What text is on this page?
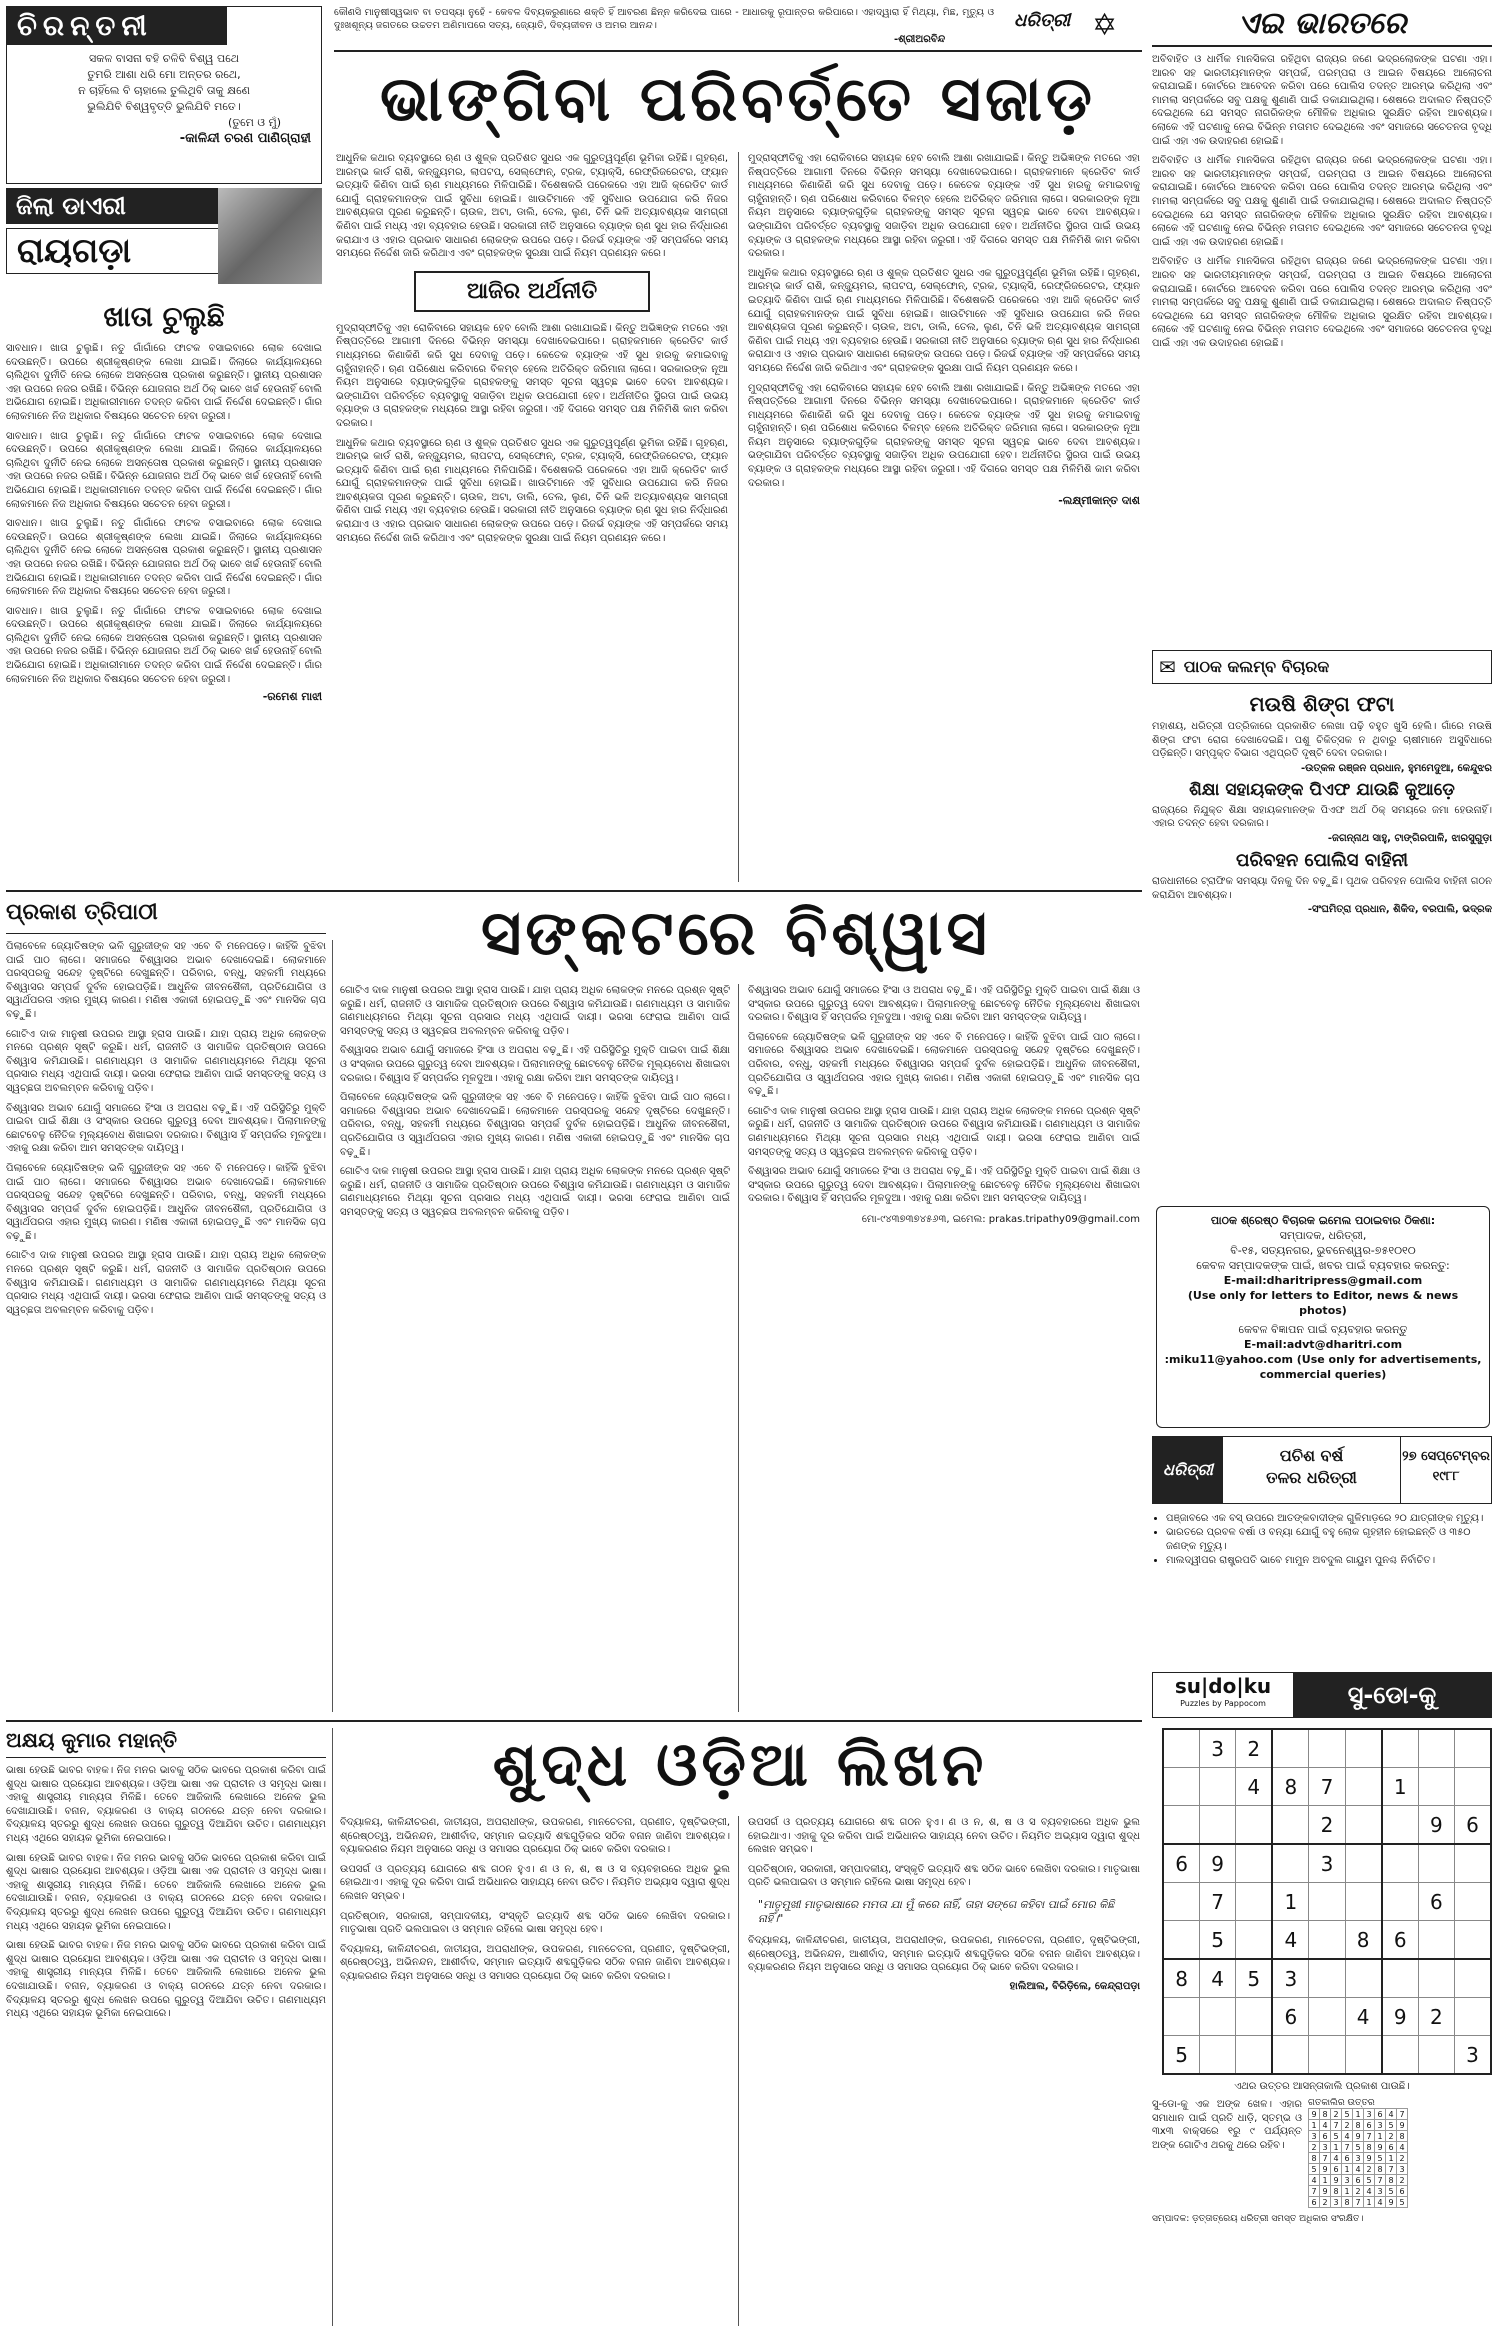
ଚିରନ୍ତନୀ
ସକଳ ବାସନା ବହି ଚଳିବି ବିଶ୍ୱ ପଥେ
ତୁମରି ଆଶା ଧରି ମୋ ଅନ୍ତର ରଥେ,
ନ ଚାହିଁଲେ ବି ଚାହାଲେ ତୁଲିଥିବି ତାକୁ କ୍ଷଣେ
ଭୁଲିଯିବି ବିଶ୍ୱବୃତ୍ତି ଭୁଲିଯିବି ମତେ।
(ତୁମେ ଓ ମୁଁ)
-କାଳିନ୍ଦୀ ଚରଣ ପାଣିଗ୍ରାହୀ
ଜିଲା ଡାଏରୀ
ରାୟଗଡ଼ା
ଖାତା ଚୁଲୁଛି

ସାବଧାନ। ଖାତା ଚୁଲୁଛି। ନତୁ ଗାଁଗାଁରେ ଫାଟକ ବସାଇବାରେ ଲୋକ ଦେଖାଇ ଦେଉଛନ୍ତି। ଉପରେ ଶ୍ରୀକୃଷ୍ଣଙ୍କ ଲେଖା ଯାଇଛି। ଜିଲାରେ କାର୍ଯ୍ୟାଳୟରେ ଚାଲିଥିବା ଦୁର୍ନୀତି ନେଇ ଲୋକେ ଅସନ୍ତୋଷ ପ୍ରକାଶ କରୁଛନ୍ତି। ସ୍ଥାନୀୟ ପ୍ରଶାସନ ଏହା ଉପରେ ନଜର ରଖିଛି। ବିଭିନ୍ନ ଯୋଜନାର ଅର୍ଥ ଠିକ୍ ଭାବେ ଖର୍ଚ୍ଚ ହେଉନାହିଁ ବୋଲି ଅଭିଯୋଗ ହୋଇଛି। ଅଧିକାରୀମାନେ ତଦନ୍ତ କରିବା ପାଇଁ ନିର୍ଦ୍ଦେଶ ଦେଇଛନ୍ତି। ଗାଁର ଲୋକମାନେ ନିଜ ଅଧିକାର ବିଷୟରେ ସଚେତନ ହେବା ଜରୁରୀ।

ସାବଧାନ। ଖାତା ଚୁଲୁଛି। ନତୁ ଗାଁଗାଁରେ ଫାଟକ ବସାଇବାରେ ଲୋକ ଦେଖାଇ ଦେଉଛନ୍ତି। ଉପରେ ଶ୍ରୀକୃଷ୍ଣଙ୍କ ଲେଖା ଯାଇଛି। ଜିଲାରେ କାର୍ଯ୍ୟାଳୟରେ ଚାଲିଥିବା ଦୁର୍ନୀତି ନେଇ ଲୋକେ ଅସନ୍ତୋଷ ପ୍ରକାଶ କରୁଛନ୍ତି। ସ୍ଥାନୀୟ ପ୍ରଶାସନ ଏହା ଉପରେ ନଜର ରଖିଛି। ବିଭିନ୍ନ ଯୋଜନାର ଅର୍ଥ ଠିକ୍ ଭାବେ ଖର୍ଚ୍ଚ ହେଉନାହିଁ ବୋଲି ଅଭିଯୋଗ ହୋଇଛି। ଅଧିକାରୀମାନେ ତଦନ୍ତ କରିବା ପାଇଁ ନିର୍ଦ୍ଦେଶ ଦେଇଛନ୍ତି। ଗାଁର ଲୋକମାନେ ନିଜ ଅଧିକାର ବିଷୟରେ ସଚେତନ ହେବା ଜରୁରୀ।

ସାବଧାନ। ଖାତା ଚୁଲୁଛି। ନତୁ ଗାଁଗାଁରେ ଫାଟକ ବସାଇବାରେ ଲୋକ ଦେଖାଇ ଦେଉଛନ୍ତି। ଉପରେ ଶ୍ରୀକୃଷ୍ଣଙ୍କ ଲେଖା ଯାଇଛି। ଜିଲାରେ କାର୍ଯ୍ୟାଳୟରେ ଚାଲିଥିବା ଦୁର୍ନୀତି ନେଇ ଲୋକେ ଅସନ୍ତୋଷ ପ୍ରକାଶ କରୁଛନ୍ତି। ସ୍ଥାନୀୟ ପ୍ରଶାସନ ଏହା ଉପରେ ନଜର ରଖିଛି। ବିଭିନ୍ନ ଯୋଜନାର ଅର୍ଥ ଠିକ୍ ଭାବେ ଖର୍ଚ୍ଚ ହେଉନାହିଁ ବୋଲି ଅଭିଯୋଗ ହୋଇଛି। ଅଧିକାରୀମାନେ ତଦନ୍ତ କରିବା ପାଇଁ ନିର୍ଦ୍ଦେଶ ଦେଇଛନ୍ତି। ଗାଁର ଲୋକମାନେ ନିଜ ଅଧିକାର ବିଷୟରେ ସଚେତନ ହେବା ଜରୁରୀ।

ସାବଧାନ। ଖାତା ଚୁଲୁଛି। ନତୁ ଗାଁଗାଁରେ ଫାଟକ ବସାଇବାରେ ଲୋକ ଦେଖାଇ ଦେଉଛନ୍ତି। ଉପରେ ଶ୍ରୀକୃଷ୍ଣଙ୍କ ଲେଖା ଯାଇଛି। ଜିଲାରେ କାର୍ଯ୍ୟାଳୟରେ ଚାଲିଥିବା ଦୁର୍ନୀତି ନେଇ ଲୋକେ ଅସନ୍ତୋଷ ପ୍ରକାଶ କରୁଛନ୍ତି। ସ୍ଥାନୀୟ ପ୍ରଶାସନ ଏହା ଉପରେ ନଜର ରଖିଛି। ବିଭିନ୍ନ ଯୋଜନାର ଅର୍ଥ ଠିକ୍ ଭାବେ ଖର୍ଚ୍ଚ ହେଉନାହିଁ ବୋଲି ଅଭିଯୋଗ ହୋଇଛି। ଅଧିକାରୀମାନେ ତଦନ୍ତ କରିବା ପାଇଁ ନିର୍ଦ୍ଦେଶ ଦେଇଛନ୍ତି। ଗାଁର ଲୋକମାନେ ନିଜ ଅଧିକାର ବିଷୟରେ ସଚେତନ ହେବା ଜରୁରୀ।

-ରମେଶ ମାଝୀ

କୌଣସି ମାନୁଷୀସ୍ୱଭାବ ବା ତପସ୍ୟା ନୁହେଁ - କେବଳ ଦିବ୍ୟକରୁଣାରେ ଶକ୍ତି ହିଁ ଆବରଣ ଛିନ୍ନ କରିଦେଇ ପାରେ - ଆଧାରକୁ ରୂପାନ୍ତର କରିପାରେ। ଏହାଦ୍ୱାରା ହିଁ ମିଥ୍ୟା, ମିଛ, ମୃତ୍ୟୁ ଓ ଦୁଃଖଶୂନ୍ୟ ଜଗତରେ ଉଚ୍ଚତମ ଅଣିମାପରେ ସତ୍ୟ, ଜ୍ୟୋତି, ଦିବ୍ୟଜୀବନ ଓ ଅମର ଆନନ୍ଦ।

-ଶ୍ରୀଅରବିନ୍ଦ
ଧରିତ୍ରୀ ✡
ଭାଙ୍ଗିବା ପରିବର୍ତ୍ତେ ସଜାଡ଼

ଆଧୁନିକ କଥାର ବ୍ୟବସ୍ଥାରେ ଋଣ ଓ ଶୁଳ୍କ ପ୍ରତିଶତ ସୁଧର ଏକ ଗୁରୁତ୍ୱପୂର୍ଣ୍ଣ ଭୂମିକା ରହିଛି। ଗୃହଋଣ, ଆରମ୍ଭ କାର୍ଡ ରାଶି, କନ୍ଜ୍ୟୁମର, ଲାପଟପ୍, ସେଲ୍ଫୋନ୍, ଟ୍ରକ, ଟ୍ୟାକ୍ସି, ରେଫ୍ରିଜରେଟର, ଫ୍ୟାନ ଇତ୍ୟାଦି କିଣିବା ପାଇଁ ଋଣ ମାଧ୍ୟମରେ ମିଳିପାରିଛି। ବିଶେଷକରି ପରେକରେ ଏହା ଆଜି କ୍ରେଡିଟ କାର୍ଡ ଯୋଗୁଁ ଗ୍ରାହକମାନଙ୍କ ପାଇଁ ସୁବିଧା ହୋଇଛି। ଖାଉଟିମାନେ ଏହି ସୁବିଧାର ଉପଯୋଗ କରି ନିଜର ଆବଶ୍ୟକତା ପୂରଣ କରୁଛନ୍ତି। ଚାଉଳ, ଅଟା, ଡାଲି, ତେଲ, ଲୁଣ, ଚିନି ଭଳି ଅତ୍ୟାବଶ୍ୟକ ସାମଗ୍ରୀ କିଣିବା ପାଇଁ ମଧ୍ୟ ଏହା ବ୍ୟବହାର ହେଉଛି। ସରକାରୀ ନୀତି ଅନୁସାରେ ବ୍ୟାଙ୍କ ଋଣ ସୁଧ ହାର ନିର୍ଦ୍ଧାରଣ କରାଯାଏ ଓ ଏହାର ପ୍ରଭାବ ସାଧାରଣ ଲୋକଙ୍କ ଉପରେ ପଡ଼େ। ରିଜର୍ଭ ବ୍ୟାଙ୍କ ଏହି ସମ୍ପର୍କରେ ସମୟ ସମୟରେ ନିର୍ଦ୍ଦେଶ ଜାରି କରିଥାଏ ଏବଂ ଗ୍ରାହକଙ୍କ ସୁରକ୍ଷା ପାଇଁ ନିୟମ ପ୍ରଣୟନ କରେ।

ଆଜିର ଅର୍ଥନୀତି

ମୁଦ୍ରାସ୍ଫୀତିକୁ ଏହା ରୋକିବାରେ ସହାୟକ ହେବ ବୋଲି ଆଶା ରଖାଯାଇଛି। କିନ୍ତୁ ଅଭିଜ୍ଞଙ୍କ ମତରେ ଏହା ନିଷ୍ପତ୍ତିରେ ଆଗାମୀ ଦିନରେ ବିଭିନ୍ନ ସମସ୍ୟା ଦେଖାଦେଇପାରେ। ଗ୍ରାହକମାନେ କ୍ରେଡିଟ କାର୍ଡ ମାଧ୍ୟମରେ କିଣାକିଣି କରି ସୁଧ ଦେବାକୁ ପଡ଼େ। କେତେକ ବ୍ୟାଙ୍କ ଏହି ସୁଧ ହାରକୁ କମାଇବାକୁ ଚାହୁଁନାହାନ୍ତି। ଋଣ ପରିଶୋଧ କରିବାରେ ବିଳମ୍ବ ହେଲେ ଅତିରିକ୍ତ ଜରିମାନା ଲାଗେ। ସରକାରଙ୍କ ନୂଆ ନିୟମ ଅନୁସାରେ ବ୍ୟାଙ୍କଗୁଡ଼ିକ ଗ୍ରାହକଙ୍କୁ ସମସ୍ତ ସୂଚନା ସ୍ୱଚ୍ଛ ଭାବେ ଦେବା ଆବଶ୍ୟକ। ଭଙ୍ଗାଯିବା ପରିବର୍ତ୍ତେ ବ୍ୟବସ୍ଥାକୁ ସଜାଡ଼ିବା ଅଧିକ ଉପଯୋଗୀ ହେବ। ଅର୍ଥନୀତିର ସ୍ଥିରତା ପାଇଁ ଉଭୟ ବ୍ୟାଙ୍କ ଓ ଗ୍ରାହକଙ୍କ ମଧ୍ୟରେ ଆସ୍ଥା ରହିବା ଜରୁରୀ। ଏହି ଦିଗରେ ସମସ୍ତ ପକ୍ଷ ମିଳିମିଶି କାମ କରିବା ଦରକାର।

ଆଧୁନିକ କଥାର ବ୍ୟବସ୍ଥାରେ ଋଣ ଓ ଶୁଳ୍କ ପ୍ରତିଶତ ସୁଧର ଏକ ଗୁରୁତ୍ୱପୂର୍ଣ୍ଣ ଭୂମିକା ରହିଛି। ଗୃହଋଣ, ଆରମ୍ଭ କାର୍ଡ ରାଶି, କନ୍ଜ୍ୟୁମର, ଲାପଟପ୍, ସେଲ୍ଫୋନ୍, ଟ୍ରକ, ଟ୍ୟାକ୍ସି, ରେଫ୍ରିଜରେଟର, ଫ୍ୟାନ ଇତ୍ୟାଦି କିଣିବା ପାଇଁ ଋଣ ମାଧ୍ୟମରେ ମିଳିପାରିଛି। ବିଶେଷକରି ପରେକରେ ଏହା ଆଜି କ୍ରେଡିଟ କାର୍ଡ ଯୋଗୁଁ ଗ୍ରାହକମାନଙ୍କ ପାଇଁ ସୁବିଧା ହୋଇଛି। ଖାଉଟିମାନେ ଏହି ସୁବିଧାର ଉପଯୋଗ କରି ନିଜର ଆବଶ୍ୟକତା ପୂରଣ କରୁଛନ୍ତି। ଚାଉଳ, ଅଟା, ଡାଲି, ତେଲ, ଲୁଣ, ଚିନି ଭଳି ଅତ୍ୟାବଶ୍ୟକ ସାମଗ୍ରୀ କିଣିବା ପାଇଁ ମଧ୍ୟ ଏହା ବ୍ୟବହାର ହେଉଛି। ସରକାରୀ ନୀତି ଅନୁସାରେ ବ୍ୟାଙ୍କ ଋଣ ସୁଧ ହାର ନିର୍ଦ୍ଧାରଣ କରାଯାଏ ଓ ଏହାର ପ୍ରଭାବ ସାଧାରଣ ଲୋକଙ୍କ ଉପରେ ପଡ଼େ। ରିଜର୍ଭ ବ୍ୟାଙ୍କ ଏହି ସମ୍ପର୍କରେ ସମୟ ସମୟରେ ନିର୍ଦ୍ଦେଶ ଜାରି କରିଥାଏ ଏବଂ ଗ୍ରାହକଙ୍କ ସୁରକ୍ଷା ପାଇଁ ନିୟମ ପ୍ରଣୟନ କରେ।

ମୁଦ୍ରାସ୍ଫୀତିକୁ ଏହା ରୋକିବାରେ ସହାୟକ ହେବ ବୋଲି ଆଶା ରଖାଯାଇଛି। କିନ୍ତୁ ଅଭିଜ୍ଞଙ୍କ ମତରେ ଏହା ନିଷ୍ପତ୍ତିରେ ଆଗାମୀ ଦିନରେ ବିଭିନ୍ନ ସମସ୍ୟା ଦେଖାଦେଇପାରେ। ଗ୍ରାହକମାନେ କ୍ରେଡିଟ କାର୍ଡ ମାଧ୍ୟମରେ କିଣାକିଣି କରି ସୁଧ ଦେବାକୁ ପଡ଼େ। କେତେକ ବ୍ୟାଙ୍କ ଏହି ସୁଧ ହାରକୁ କମାଇବାକୁ ଚାହୁଁନାହାନ୍ତି। ଋଣ ପରିଶୋଧ କରିବାରେ ବିଳମ୍ବ ହେଲେ ଅତିରିକ୍ତ ଜରିମାନା ଲାଗେ। ସରକାରଙ୍କ ନୂଆ ନିୟମ ଅନୁସାରେ ବ୍ୟାଙ୍କଗୁଡ଼ିକ ଗ୍ରାହକଙ୍କୁ ସମସ୍ତ ସୂଚନା ସ୍ୱଚ୍ଛ ଭାବେ ଦେବା ଆବଶ୍ୟକ। ଭଙ୍ଗାଯିବା ପରିବର୍ତ୍ତେ ବ୍ୟବସ୍ଥାକୁ ସଜାଡ଼ିବା ଅଧିକ ଉପଯୋଗୀ ହେବ। ଅର୍ଥନୀତିର ସ୍ଥିରତା ପାଇଁ ଉଭୟ ବ୍ୟାଙ୍କ ଓ ଗ୍ରାହକଙ୍କ ମଧ୍ୟରେ ଆସ୍ଥା ରହିବା ଜରୁରୀ। ଏହି ଦିଗରେ ସମସ୍ତ ପକ୍ଷ ମିଳିମିଶି କାମ କରିବା ଦରକାର।

ଆଧୁନିକ କଥାର ବ୍ୟବସ୍ଥାରେ ଋଣ ଓ ଶୁଳ୍କ ପ୍ରତିଶତ ସୁଧର ଏକ ଗୁରୁତ୍ୱପୂର୍ଣ୍ଣ ଭୂମିକା ରହିଛି। ଗୃହଋଣ, ଆରମ୍ଭ କାର୍ଡ ରାଶି, କନ୍ଜ୍ୟୁମର, ଲାପଟପ୍, ସେଲ୍ଫୋନ୍, ଟ୍ରକ, ଟ୍ୟାକ୍ସି, ରେଫ୍ରିଜରେଟର, ଫ୍ୟାନ ଇତ୍ୟାଦି କିଣିବା ପାଇଁ ଋଣ ମାଧ୍ୟମରେ ମିଳିପାରିଛି। ବିଶେଷକରି ପରେକରେ ଏହା ଆଜି କ୍ରେଡିଟ କାର୍ଡ ଯୋଗୁଁ ଗ୍ରାହକମାନଙ୍କ ପାଇଁ ସୁବିଧା ହୋଇଛି। ଖାଉଟିମାନେ ଏହି ସୁବିଧାର ଉପଯୋଗ କରି ନିଜର ଆବଶ୍ୟକତା ପୂରଣ କରୁଛନ୍ତି। ଚାଉଳ, ଅଟା, ଡାଲି, ତେଲ, ଲୁଣ, ଚିନି ଭଳି ଅତ୍ୟାବଶ୍ୟକ ସାମଗ୍ରୀ କିଣିବା ପାଇଁ ମଧ୍ୟ ଏହା ବ୍ୟବହାର ହେଉଛି। ସରକାରୀ ନୀତି ଅନୁସାରେ ବ୍ୟାଙ୍କ ଋଣ ସୁଧ ହାର ନିର୍ଦ୍ଧାରଣ କରାଯାଏ ଓ ଏହାର ପ୍ରଭାବ ସାଧାରଣ ଲୋକଙ୍କ ଉପରେ ପଡ଼େ। ରିଜର୍ଭ ବ୍ୟାଙ୍କ ଏହି ସମ୍ପର୍କରେ ସମୟ ସମୟରେ ନିର୍ଦ୍ଦେଶ ଜାରି କରିଥାଏ ଏବଂ ଗ୍ରାହକଙ୍କ ସୁରକ୍ଷା ପାଇଁ ନିୟମ ପ୍ରଣୟନ କରେ।

ମୁଦ୍ରାସ୍ଫୀତିକୁ ଏହା ରୋକିବାରେ ସହାୟକ ହେବ ବୋଲି ଆଶା ରଖାଯାଇଛି। କିନ୍ତୁ ଅଭିଜ୍ଞଙ୍କ ମତରେ ଏହା ନିଷ୍ପତ୍ତିରେ ଆଗାମୀ ଦିନରେ ବିଭିନ୍ନ ସମସ୍ୟା ଦେଖାଦେଇପାରେ। ଗ୍ରାହକମାନେ କ୍ରେଡିଟ କାର୍ଡ ମାଧ୍ୟମରେ କିଣାକିଣି କରି ସୁଧ ଦେବାକୁ ପଡ଼େ। କେତେକ ବ୍ୟାଙ୍କ ଏହି ସୁଧ ହାରକୁ କମାଇବାକୁ ଚାହୁଁନାହାନ୍ତି। ଋଣ ପରିଶୋଧ କରିବାରେ ବିଳମ୍ବ ହେଲେ ଅତିରିକ୍ତ ଜରିମାନା ଲାଗେ। ସରକାରଙ୍କ ନୂଆ ନିୟମ ଅନୁସାରେ ବ୍ୟାଙ୍କଗୁଡ଼ିକ ଗ୍ରାହକଙ୍କୁ ସମସ୍ତ ସୂଚନା ସ୍ୱଚ୍ଛ ଭାବେ ଦେବା ଆବଶ୍ୟକ। ଭଙ୍ଗାଯିବା ପରିବର୍ତ୍ତେ ବ୍ୟବସ୍ଥାକୁ ସଜାଡ଼ିବା ଅଧିକ ଉପଯୋଗୀ ହେବ। ଅର୍ଥନୀତିର ସ୍ଥିରତା ପାଇଁ ଉଭୟ ବ୍ୟାଙ୍କ ଓ ଗ୍ରାହକଙ୍କ ମଧ୍ୟରେ ଆସ୍ଥା ରହିବା ଜରୁରୀ। ଏହି ଦିଗରେ ସମସ୍ତ ପକ୍ଷ ମିଳିମିଶି କାମ କରିବା ଦରକାର।

-ଲକ୍ଷ୍ମୀକାନ୍ତ ଦାଶ
ଏଇ ଭାରତରେ

ଅବିବାହିତ ଓ ଧାର୍ମିକ ମାନସିକତା ରହିଥିବା ରାଜ୍ୟର ଜଣେ ଭଦ୍ରଲୋକଙ୍କ ଘଟଣା ଏହା। ଆରବ ସହ ଭାରତୀୟମାନଙ୍କ ସମ୍ପର୍କ, ପରମ୍ପରା ଓ ଆଇନ ବିଷୟରେ ଆଲୋଚନା କରାଯାଇଛି। କୋର୍ଟରେ ଆବେଦନ କରିବା ପରେ ପୋଲିସ ତଦନ୍ତ ଆରମ୍ଭ କରିଥିଲା ଏବଂ ମାମଲା ସମ୍ପର୍କରେ ସବୁ ପକ୍ଷକୁ ଶୁଣାଣି ପାଇଁ ଡକାଯାଇଥିଲା। ଶେଷରେ ଅଦାଲତ ନିଷ୍ପତ୍ତି ଦେଇଥିଲେ ଯେ ସମସ୍ତ ନାଗରିକଙ୍କ ମୌଳିକ ଅଧିକାର ସୁରକ୍ଷିତ ରହିବା ଆବଶ୍ୟକ। ଲୋକେ ଏହି ଘଟଣାକୁ ନେଇ ବିଭିନ୍ନ ମତାମତ ଦେଇଥିଲେ ଏବଂ ସମାଜରେ ସଚେତନତା ବୃଦ୍ଧି ପାଇଁ ଏହା ଏକ ଉଦାହରଣ ହୋଇଛି।

ଅବିବାହିତ ଓ ଧାର୍ମିକ ମାନସିକତା ରହିଥିବା ରାଜ୍ୟର ଜଣେ ଭଦ୍ରଲୋକଙ୍କ ଘଟଣା ଏହା। ଆରବ ସହ ଭାରତୀୟମାନଙ୍କ ସମ୍ପର୍କ, ପରମ୍ପରା ଓ ଆଇନ ବିଷୟରେ ଆଲୋଚନା କରାଯାଇଛି। କୋର୍ଟରେ ଆବେଦନ କରିବା ପରେ ପୋଲିସ ତଦନ୍ତ ଆରମ୍ଭ କରିଥିଲା ଏବଂ ମାମଲା ସମ୍ପର୍କରେ ସବୁ ପକ୍ଷକୁ ଶୁଣାଣି ପାଇଁ ଡକାଯାଇଥିଲା। ଶେଷରେ ଅଦାଲତ ନିଷ୍ପତ୍ତି ଦେଇଥିଲେ ଯେ ସମସ୍ତ ନାଗରିକଙ୍କ ମୌଳିକ ଅଧିକାର ସୁରକ୍ଷିତ ରହିବା ଆବଶ୍ୟକ। ଲୋକେ ଏହି ଘଟଣାକୁ ନେଇ ବିଭିନ୍ନ ମତାମତ ଦେଇଥିଲେ ଏବଂ ସମାଜରେ ସଚେତନତା ବୃଦ୍ଧି ପାଇଁ ଏହା ଏକ ଉଦାହରଣ ହୋଇଛି।

ଅବିବାହିତ ଓ ଧାର୍ମିକ ମାନସିକତା ରହିଥିବା ରାଜ୍ୟର ଜଣେ ଭଦ୍ରଲୋକଙ୍କ ଘଟଣା ଏହା। ଆରବ ସହ ଭାରତୀୟମାନଙ୍କ ସମ୍ପର୍କ, ପରମ୍ପରା ଓ ଆଇନ ବିଷୟରେ ଆଲୋଚନା କରାଯାଇଛି। କୋର୍ଟରେ ଆବେଦନ କରିବା ପରେ ପୋଲିସ ତଦନ୍ତ ଆରମ୍ଭ କରିଥିଲା ଏବଂ ମାମଲା ସମ୍ପର୍କରେ ସବୁ ପକ୍ଷକୁ ଶୁଣାଣି ପାଇଁ ଡକାଯାଇଥିଲା। ଶେଷରେ ଅଦାଲତ ନିଷ୍ପତ୍ତି ଦେଇଥିଲେ ଯେ ସମସ୍ତ ନାଗରିକଙ୍କ ମୌଳିକ ଅଧିକାର ସୁରକ୍ଷିତ ରହିବା ଆବଶ୍ୟକ। ଲୋକେ ଏହି ଘଟଣାକୁ ନେଇ ବିଭିନ୍ନ ମତାମତ ଦେଇଥିଲେ ଏବଂ ସମାଜରେ ସଚେତନତା ବୃଦ୍ଧି ପାଇଁ ଏହା ଏକ ଉଦାହରଣ ହୋଇଛି।

✉ ପାଠକ କଲମ୍ବ ବିଚାରକ
ମଉଷି ଶିଙ୍ଗ ଫଟା

ମହାଶୟ, ଧରିତ୍ରୀ ପତ୍ରିକାରେ ପ୍ରକାଶିତ ଲେଖା ପଢ଼ି ବହୁତ ଖୁସି ହେଲି। ଗାଁରେ ମଉଷି ଶିଙ୍ଗ ଫଟା ରୋଗ ଦେଖାଦେଇଛି। ପଶୁ ଚିକିତ୍ସକ ନ ଥିବାରୁ ଚାଷୀମାନେ ଅସୁବିଧାରେ ପଡ଼ିଛନ୍ତି। ସମ୍ପୃକ୍ତ ବିଭାଗ ଏଥିପ୍ରତି ଦୃଷ୍ଟି ଦେବା ଦରକାର।

-ଉତ୍କଳ ରଞ୍ଜନ ପ୍ରଧାନ, ହୁମମେଦୁଆ, କେନ୍ଦୁଝର
ଶିକ୍ଷା ସହାୟକଙ୍କ ପିଏଫ ଯାଉଛି କୁଆଡ଼େ

ରାଜ୍ୟରେ ନିଯୁକ୍ତ ଶିକ୍ଷା ସହାୟକମାନଙ୍କ ପିଏଫ ଅର୍ଥ ଠିକ୍ ସମୟରେ ଜମା ହେଉନାହିଁ। ଏହାର ତଦନ୍ତ ହେବା ଦରକାର।

-ଜଗନ୍ନାଥ ସାହୁ, ଟାଙ୍ଗିରପାଳି, ଝାରସୁଗୁଡ଼ା
ପରିବହନ ପୋଲିସ ବାହିନୀ

ରାଜଧାନୀରେ ଟ୍ରାଫିକ ସମସ୍ୟା ଦିନକୁ ଦିନ ବଢ଼ୁଛି। ପୃଥକ ପରିବହନ ପୋଲିସ ବାହିନୀ ଗଠନ କରାଯିବା ଆବଶ୍ୟକ।

-ସଂଘମିତ୍ରା ପ୍ରଧାନ, ଶିକିଦ, ବରପାଲି, ଭଦ୍ରକ
ପାଠକ ଶ୍ରେଷ୍ଠ ବିଚାରକ ଇମେଲ ପଠାଇବାର ଠିକଣା:
ସମ୍ପାଦକ, ଧରିତ୍ରୀ,
ବି-୧୫, ସତ୍ୟନଗର, ଭୁବନେଶ୍ୱର-୭୫୧୦୧୦
କେବଳ ସମ୍ପାଦକଙ୍କ ପାଇଁ, ଖବର ପାଇଁ ବ୍ୟବହାର କରନ୍ତୁ:
E-mail:dharitripress@gmail.com
(Use only for letters to Editor, news & news photos)
କେବଳ ବିଜ୍ଞାପନ ପାଇଁ ବ୍ୟବହାର କରନ୍ତୁ
E-mail:advt@dharitri.com
:miku11@yahoo.com (Use only for advertisements, commercial queries)
ଧରିତ୍ରୀ
ପଚିଶ ବର୍ଷ
ତଳର ଧରିତ୍ରୀ
୨୭ ସେପ୍ଟେମ୍ବର
୧୯୮୮
• ପଞ୍ଜାବରେ ଏକ ବସ୍ ଉପରେ ଆତଙ୍କବାଦୀଙ୍କ ଗୁଳିମାଡ଼ରେ ୨୦ ଯାତ୍ରୀଙ୍କ ମୃତ୍ୟୁ।
• ଭାରତରେ ପ୍ରବଳ ବର୍ଷା ଓ ବନ୍ୟା ଯୋଗୁଁ ବହୁ ଲୋକ ଗୃହହୀନ ହୋଇଛନ୍ତି ଓ ୩୫୦ ଜଣଙ୍କ ମୃତ୍ୟୁ।
• ମାଲଦ୍ୱୀପର ରାଷ୍ଟ୍ରପତି ଭାବେ ମାମୁନ ଅବଦୁଲ ଗାୟୁମ ପୁନଶ୍ଚ ନିର୍ବାଚିତ।
su|do|ku
Puzzles by Pappocom	ସୁ-ଡୋ-କୁ
	3	2						
		4	8	7		1		
				2			9	6
6	9			3				
	7		1				6	
	5		4		8	6		
8	4	5	3					
			6		4	9	2	
5								3
ଏଥର ଉତ୍ତର ଆସନ୍ତାକାଲି ପ୍ରକାଶ ପାଉଛି।

ସୁ-ଡୋ-କୁ ଏକ ଅଙ୍କ ଖେଳ। ଏହାର ସମାଧାନ ପାଇଁ ପ୍ରତି ଧାଡ଼ି, ସ୍ତମ୍ଭ ଓ ୩x୩ ବାକ୍ସରେ ୧ରୁ ୯ ପର୍ଯ୍ୟନ୍ତ ଅଙ୍କ ଗୋଟିଏ ଥରକୁ ଥରେ ରହିବ।

ଗତକାଲିର ଉତ୍ତର
9	8	2	5	1	3	6	4	7
1	4	7	2	8	6	3	5	9
3	6	5	4	9	7	1	2	8
2	3	1	7	5	8	9	6	4
8	7	4	6	3	9	5	1	2
5	9	6	1	4	2	8	7	3
4	1	9	3	6	5	7	8	2
7	9	8	1	2	4	3	5	6
6	2	3	8	7	1	4	9	5
ସମ୍ପାଦକ: ଡ଼ତ୍ତାତ୍ରେୟ ଧରିତ୍ରୀ ସମସ୍ତ ଅଧିକାର ସଂରକ୍ଷିତ।
ପ୍ରକାଶ ତ୍ରିପାଠୀ	ସଙ୍କଟରେ ବିଶ୍ୱାସ

ପିଲାବେଳେ ଜ୍ୟୋତିଷଙ୍କ ଭଳି ଗୁରୁଜୀଙ୍କ ସହ ଏବେ ବି ମନେପଡ଼େ। କାହିଁକି ବୁଝିବା ପାଇଁ ପାଠ ଲାଗେ। ସମାଜରେ ବିଶ୍ୱାସର ଅଭାବ ଦେଖାଦେଇଛି। ଲୋକମାନେ ପରସ୍ପରକୁ ସନ୍ଦେହ ଦୃଷ୍ଟିରେ ଦେଖୁଛନ୍ତି। ପରିବାର, ବନ୍ଧୁ, ସହକର୍ମୀ ମଧ୍ୟରେ ବିଶ୍ୱାସର ସମ୍ପର୍କ ଦୁର୍ବଳ ହୋଇପଡ଼ିଛି। ଆଧୁନିକ ଜୀବନଶୈଳୀ, ପ୍ରତିଯୋଗିତା ଓ ସ୍ୱାର୍ଥପରତା ଏହାର ମୁଖ୍ୟ କାରଣ। ମଣିଷ ଏକାକୀ ହୋଇପଡ଼ୁଛି ଏବଂ ମାନସିକ ଚାପ ବଢ଼ୁଛି।

ଗୋଟିଏ ଦାକ ମାନୁଷୀ ଉପରର ଆସ୍ଥା ହ୍ରାସ ପାଉଛି। ଯାହା ପ୍ରାୟ ଅଧିକ ଲୋକଙ୍କ ମନରେ ପ୍ରଶ୍ନ ସୃଷ୍ଟି କରୁଛି। ଧର୍ମ, ରାଜନୀତି ଓ ସାମାଜିକ ପ୍ରତିଷ୍ଠାନ ଉପରେ ବିଶ୍ୱାସ କମିଯାଉଛି। ଗଣମାଧ୍ୟମ ଓ ସାମାଜିକ ଗଣମାଧ୍ୟମରେ ମିଥ୍ୟା ସୂଚନା ପ୍ରସାର ମଧ୍ୟ ଏଥିପାଇଁ ଦାୟୀ। ଭରସା ଫେରାଇ ଆଣିବା ପାଇଁ ସମସ୍ତଙ୍କୁ ସତ୍ୟ ଓ ସ୍ୱଚ୍ଛତା ଅବଲମ୍ବନ କରିବାକୁ ପଡ଼ିବ।

ବିଶ୍ୱାସର ଅଭାବ ଯୋଗୁଁ ସମାଜରେ ହିଂସା ଓ ଅପରାଧ ବଢ଼ୁଛି। ଏହି ପରିସ୍ଥିତିରୁ ମୁକ୍ତି ପାଇବା ପାଇଁ ଶିକ୍ଷା ଓ ସଂସ୍କାର ଉପରେ ଗୁରୁତ୍ୱ ଦେବା ଆବଶ୍ୟକ। ପିଲାମାନଙ୍କୁ ଛୋଟବେଳୁ ନୈତିକ ମୂଲ୍ୟବୋଧ ଶିଖାଇବା ଦରକାର। ବିଶ୍ୱାସ ହିଁ ସମ୍ପର୍କର ମୂଳଦୁଆ। ଏହାକୁ ରକ୍ଷା କରିବା ଆମ ସମସ୍ତଙ୍କ ଦାୟିତ୍ୱ।

ପିଲାବେଳେ ଜ୍ୟୋତିଷଙ୍କ ଭଳି ଗୁରୁଜୀଙ୍କ ସହ ଏବେ ବି ମନେପଡ଼େ। କାହିଁକି ବୁଝିବା ପାଇଁ ପାଠ ଲାଗେ। ସମାଜରେ ବିଶ୍ୱାସର ଅଭାବ ଦେଖାଦେଇଛି। ଲୋକମାନେ ପରସ୍ପରକୁ ସନ୍ଦେହ ଦୃଷ୍ଟିରେ ଦେଖୁଛନ୍ତି। ପରିବାର, ବନ୍ଧୁ, ସହକର୍ମୀ ମଧ୍ୟରେ ବିଶ୍ୱାସର ସମ୍ପର୍କ ଦୁର୍ବଳ ହୋଇପଡ଼ିଛି। ଆଧୁନିକ ଜୀବନଶୈଳୀ, ପ୍ରତିଯୋଗିତା ଓ ସ୍ୱାର୍ଥପରତା ଏହାର ମୁଖ୍ୟ କାରଣ। ମଣିଷ ଏକାକୀ ହୋଇପଡ଼ୁଛି ଏବଂ ମାନସିକ ଚାପ ବଢ଼ୁଛି।

ଗୋଟିଏ ଦାକ ମାନୁଷୀ ଉପରର ଆସ୍ଥା ହ୍ରାସ ପାଉଛି। ଯାହା ପ୍ରାୟ ଅଧିକ ଲୋକଙ୍କ ମନରେ ପ୍ରଶ୍ନ ସୃଷ୍ଟି କରୁଛି। ଧର୍ମ, ରାଜନୀତି ଓ ସାମାଜିକ ପ୍ରତିଷ୍ଠାନ ଉପରେ ବିଶ୍ୱାସ କମିଯାଉଛି। ଗଣମାଧ୍ୟମ ଓ ସାମାଜିକ ଗଣମାଧ୍ୟମରେ ମିଥ୍ୟା ସୂଚନା ପ୍ରସାର ମଧ୍ୟ ଏଥିପାଇଁ ଦାୟୀ। ଭରସା ଫେରାଇ ଆଣିବା ପାଇଁ ସମସ୍ତଙ୍କୁ ସତ୍ୟ ଓ ସ୍ୱଚ୍ଛତା ଅବଲମ୍ବନ କରିବାକୁ ପଡ଼ିବ।

ଗୋଟିଏ ଦାକ ମାନୁଷୀ ଉପରର ଆସ୍ଥା ହ୍ରାସ ପାଉଛି। ଯାହା ପ୍ରାୟ ଅଧିକ ଲୋକଙ୍କ ମନରେ ପ୍ରଶ୍ନ ସୃଷ୍ଟି କରୁଛି। ଧର୍ମ, ରାଜନୀତି ଓ ସାମାଜିକ ପ୍ରତିଷ୍ଠାନ ଉପରେ ବିଶ୍ୱାସ କମିଯାଉଛି। ଗଣମାଧ୍ୟମ ଓ ସାମାଜିକ ଗଣମାଧ୍ୟମରେ ମିଥ୍ୟା ସୂଚନା ପ୍ରସାର ମଧ୍ୟ ଏଥିପାଇଁ ଦାୟୀ। ଭରସା ଫେରାଇ ଆଣିବା ପାଇଁ ସମସ୍ତଙ୍କୁ ସତ୍ୟ ଓ ସ୍ୱଚ୍ଛତା ଅବଲମ୍ବନ କରିବାକୁ ପଡ଼ିବ।

ବିଶ୍ୱାସର ଅଭାବ ଯୋଗୁଁ ସମାଜରେ ହିଂସା ଓ ଅପରାଧ ବଢ଼ୁଛି। ଏହି ପରିସ୍ଥିତିରୁ ମୁକ୍ତି ପାଇବା ପାଇଁ ଶିକ୍ଷା ଓ ସଂସ୍କାର ଉପରେ ଗୁରୁତ୍ୱ ଦେବା ଆବଶ୍ୟକ। ପିଲାମାନଙ୍କୁ ଛୋଟବେଳୁ ନୈତିକ ମୂଲ୍ୟବୋଧ ଶିଖାଇବା ଦରକାର। ବିଶ୍ୱାସ ହିଁ ସମ୍ପର୍କର ମୂଳଦୁଆ। ଏହାକୁ ରକ୍ଷା କରିବା ଆମ ସମସ୍ତଙ୍କ ଦାୟିତ୍ୱ।

ପିଲାବେଳେ ଜ୍ୟୋତିଷଙ୍କ ଭଳି ଗୁରୁଜୀଙ୍କ ସହ ଏବେ ବି ମନେପଡ଼େ। କାହିଁକି ବୁଝିବା ପାଇଁ ପାଠ ଲାଗେ। ସମାଜରେ ବିଶ୍ୱାସର ଅଭାବ ଦେଖାଦେଇଛି। ଲୋକମାନେ ପରସ୍ପରକୁ ସନ୍ଦେହ ଦୃଷ୍ଟିରେ ଦେଖୁଛନ୍ତି। ପରିବାର, ବନ୍ଧୁ, ସହକର୍ମୀ ମଧ୍ୟରେ ବିଶ୍ୱାସର ସମ୍ପର୍କ ଦୁର୍ବଳ ହୋଇପଡ଼ିଛି। ଆଧୁନିକ ଜୀବନଶୈଳୀ, ପ୍ରତିଯୋଗିତା ଓ ସ୍ୱାର୍ଥପରତା ଏହାର ମୁଖ୍ୟ କାରଣ। ମଣିଷ ଏକାକୀ ହୋଇପଡ଼ୁଛି ଏବଂ ମାନସିକ ଚାପ ବଢ଼ୁଛି।

ଗୋଟିଏ ଦାକ ମାନୁଷୀ ଉପରର ଆସ୍ଥା ହ୍ରାସ ପାଉଛି। ଯାହା ପ୍ରାୟ ଅଧିକ ଲୋକଙ୍କ ମନରେ ପ୍ରଶ୍ନ ସୃଷ୍ଟି କରୁଛି। ଧର୍ମ, ରାଜନୀତି ଓ ସାମାଜିକ ପ୍ରତିଷ୍ଠାନ ଉପରେ ବିଶ୍ୱାସ କମିଯାଉଛି। ଗଣମାଧ୍ୟମ ଓ ସାମାଜିକ ଗଣମାଧ୍ୟମରେ ମିଥ୍ୟା ସୂଚନା ପ୍ରସାର ମଧ୍ୟ ଏଥିପାଇଁ ଦାୟୀ। ଭରସା ଫେରାଇ ଆଣିବା ପାଇଁ ସମସ୍ତଙ୍କୁ ସତ୍ୟ ଓ ସ୍ୱଚ୍ଛତା ଅବଲମ୍ବନ କରିବାକୁ ପଡ଼ିବ।

ବିଶ୍ୱାସର ଅଭାବ ଯୋଗୁଁ ସମାଜରେ ହିଂସା ଓ ଅପରାଧ ବଢ଼ୁଛି। ଏହି ପରିସ୍ଥିତିରୁ ମୁକ୍ତି ପାଇବା ପାଇଁ ଶିକ୍ଷା ଓ ସଂସ୍କାର ଉପରେ ଗୁରୁତ୍ୱ ଦେବା ଆବଶ୍ୟକ। ପିଲାମାନଙ୍କୁ ଛୋଟବେଳୁ ନୈତିକ ମୂଲ୍ୟବୋଧ ଶିଖାଇବା ଦରକାର। ବିଶ୍ୱାସ ହିଁ ସମ୍ପର୍କର ମୂଳଦୁଆ। ଏହାକୁ ରକ୍ଷା କରିବା ଆମ ସମସ୍ତଙ୍କ ଦାୟିତ୍ୱ।

ପିଲାବେଳେ ଜ୍ୟୋତିଷଙ୍କ ଭଳି ଗୁରୁଜୀଙ୍କ ସହ ଏବେ ବି ମନେପଡ଼େ। କାହିଁକି ବୁଝିବା ପାଇଁ ପାଠ ଲାଗେ। ସମାଜରେ ବିଶ୍ୱାସର ଅଭାବ ଦେଖାଦେଇଛି। ଲୋକମାନେ ପରସ୍ପରକୁ ସନ୍ଦେହ ଦୃଷ୍ଟିରେ ଦେଖୁଛନ୍ତି। ପରିବାର, ବନ୍ଧୁ, ସହକର୍ମୀ ମଧ୍ୟରେ ବିଶ୍ୱାସର ସମ୍ପର୍କ ଦୁର୍ବଳ ହୋଇପଡ଼ିଛି। ଆଧୁନିକ ଜୀବନଶୈଳୀ, ପ୍ରତିଯୋଗିତା ଓ ସ୍ୱାର୍ଥପରତା ଏହାର ମୁଖ୍ୟ କାରଣ। ମଣିଷ ଏକାକୀ ହୋଇପଡ଼ୁଛି ଏବଂ ମାନସିକ ଚାପ ବଢ଼ୁଛି।

ଗୋଟିଏ ଦାକ ମାନୁଷୀ ଉପରର ଆସ୍ଥା ହ୍ରାସ ପାଉଛି। ଯାହା ପ୍ରାୟ ଅଧିକ ଲୋକଙ୍କ ମନରେ ପ୍ରଶ୍ନ ସୃଷ୍ଟି କରୁଛି। ଧର୍ମ, ରାଜନୀତି ଓ ସାମାଜିକ ପ୍ରତିଷ୍ଠାନ ଉପରେ ବିଶ୍ୱାସ କମିଯାଉଛି। ଗଣମାଧ୍ୟମ ଓ ସାମାଜିକ ଗଣମାଧ୍ୟମରେ ମିଥ୍ୟା ସୂଚନା ପ୍ରସାର ମଧ୍ୟ ଏଥିପାଇଁ ଦାୟୀ। ଭରସା ଫେରାଇ ଆଣିବା ପାଇଁ ସମସ୍ତଙ୍କୁ ସତ୍ୟ ଓ ସ୍ୱଚ୍ଛତା ଅବଲମ୍ବନ କରିବାକୁ ପଡ଼ିବ।

ବିଶ୍ୱାସର ଅଭାବ ଯୋଗୁଁ ସମାଜରେ ହିଂସା ଓ ଅପରାଧ ବଢ଼ୁଛି। ଏହି ପରିସ୍ଥିତିରୁ ମୁକ୍ତି ପାଇବା ପାଇଁ ଶିକ୍ଷା ଓ ସଂସ୍କାର ଉପରେ ଗୁରୁତ୍ୱ ଦେବା ଆବଶ୍ୟକ। ପିଲାମାନଙ୍କୁ ଛୋଟବେଳୁ ନୈତିକ ମୂଲ୍ୟବୋଧ ଶିଖାଇବା ଦରକାର। ବିଶ୍ୱାସ ହିଁ ସମ୍ପର୍କର ମୂଳଦୁଆ। ଏହାକୁ ରକ୍ଷା କରିବା ଆମ ସମସ୍ତଙ୍କ ଦାୟିତ୍ୱ।

ମୋ-୯୪୩୭୩୭୪୫୬୩, ଇମେଲ: prakas.tripathy09@gmail.com
ଅକ୍ଷୟ କୁମାର ମହାନ୍ତି

ଭାଷା ହେଉଛି ଭାବର ବାହକ। ନିଜ ମନର ଭାବକୁ ସଠିକ ଭାବରେ ପ୍ରକାଶ କରିବା ପାଇଁ ଶୁଦ୍ଧ ଭାଷାର ପ୍ରୟୋଗ ଆବଶ୍ୟକ। ଓଡ଼ିଆ ଭାଷା ଏକ ପ୍ରାଚୀନ ଓ ସମୃଦ୍ଧ ଭାଷା। ଏହାକୁ ଶାସ୍ତ୍ରୀୟ ମାନ୍ୟତା ମିଳିଛି। ତେବେ ଆଜିକାଲି ଲେଖାରେ ଅନେକ ଭୁଲ ଦେଖାଯାଉଛି। ବନାନ, ବ୍ୟାକରଣ ଓ ବାକ୍ୟ ଗଠନରେ ଯତ୍ନ ନେବା ଦରକାର। ବିଦ୍ୟାଳୟ ସ୍ତରରୁ ଶୁଦ୍ଧ ଲେଖନ ଉପରେ ଗୁରୁତ୍ୱ ଦିଆଯିବା ଉଚିତ। ଗଣମାଧ୍ୟମ ମଧ୍ୟ ଏଥିରେ ସହାୟକ ଭୂମିକା ନେଇପାରେ।

ଭାଷା ହେଉଛି ଭାବର ବାହକ। ନିଜ ମନର ଭାବକୁ ସଠିକ ଭାବରେ ପ୍ରକାଶ କରିବା ପାଇଁ ଶୁଦ୍ଧ ଭାଷାର ପ୍ରୟୋଗ ଆବଶ୍ୟକ। ଓଡ଼ିଆ ଭାଷା ଏକ ପ୍ରାଚୀନ ଓ ସମୃଦ୍ଧ ଭାଷା। ଏହାକୁ ଶାସ୍ତ୍ରୀୟ ମାନ୍ୟତା ମିଳିଛି। ତେବେ ଆଜିକାଲି ଲେଖାରେ ଅନେକ ଭୁଲ ଦେଖାଯାଉଛି। ବନାନ, ବ୍ୟାକରଣ ଓ ବାକ୍ୟ ଗଠନରେ ଯତ୍ନ ନେବା ଦରକାର। ବିଦ୍ୟାଳୟ ସ୍ତରରୁ ଶୁଦ୍ଧ ଲେଖନ ଉପରେ ଗୁରୁତ୍ୱ ଦିଆଯିବା ଉଚିତ। ଗଣମାଧ୍ୟମ ମଧ୍ୟ ଏଥିରେ ସହାୟକ ଭୂମିକା ନେଇପାରେ।

ଭାଷା ହେଉଛି ଭାବର ବାହକ। ନିଜ ମନର ଭାବକୁ ସଠିକ ଭାବରେ ପ୍ରକାଶ କରିବା ପାଇଁ ଶୁଦ୍ଧ ଭାଷାର ପ୍ରୟୋଗ ଆବଶ୍ୟକ। ଓଡ଼ିଆ ଭାଷା ଏକ ପ୍ରାଚୀନ ଓ ସମୃଦ୍ଧ ଭାଷା। ଏହାକୁ ଶାସ୍ତ୍ରୀୟ ମାନ୍ୟତା ମିଳିଛି। ତେବେ ଆଜିକାଲି ଲେଖାରେ ଅନେକ ଭୁଲ ଦେଖାଯାଉଛି। ବନାନ, ବ୍ୟାକରଣ ଓ ବାକ୍ୟ ଗଠନରେ ଯତ୍ନ ନେବା ଦରକାର। ବିଦ୍ୟାଳୟ ସ୍ତରରୁ ଶୁଦ୍ଧ ଲେଖନ ଉପରେ ଗୁରୁତ୍ୱ ଦିଆଯିବା ଉଚିତ। ଗଣମାଧ୍ୟମ ମଧ୍ୟ ଏଥିରେ ସହାୟକ ଭୂମିକା ନେଇପାରେ।

ଶୁଦ୍ଧ ଓଡ଼ିଆ ଲିଖନ

ବିଦ୍ୟାଳୟ, କାଳିନ୍ଦୀଚରଣ, ଜାତୀୟତା, ଅପରାଧୀଙ୍କ, ଉପକରଣ, ମାନଚେତନା, ପ୍ରଣୀତ, ଦୃଷ୍ଟିଭଙ୍ଗୀ, ଶ୍ରେଷ୍ଠତ୍ୱ, ଅଭିନନ୍ଦନ, ଆଶୀର୍ବାଦ, ସମ୍ମାନ ଇତ୍ୟାଦି ଶବ୍ଦଗୁଡ଼ିକର ସଠିକ ବନାନ ଜାଣିବା ଆବଶ୍ୟକ। ବ୍ୟାକରଣର ନିୟମ ଅନୁସାରେ ସନ୍ଧି ଓ ସମାସର ପ୍ରୟୋଗ ଠିକ୍ ଭାବେ କରିବା ଦରକାର।

ଉପସର୍ଗ ଓ ପ୍ରତ୍ୟୟ ଯୋଗରେ ଶବ୍ଦ ଗଠନ ହୁଏ। ଣ ଓ ନ, ଶ, ଷ ଓ ସ ବ୍ୟବହାରରେ ଅଧିକ ଭୁଲ ହୋଇଥାଏ। ଏହାକୁ ଦୂର କରିବା ପାଇଁ ଅଭିଧାନର ସାହାଯ୍ୟ ନେବା ଉଚିତ। ନିୟମିତ ଅଭ୍ୟାସ ଦ୍ୱାରା ଶୁଦ୍ଧ ଲେଖନ ସମ୍ଭବ।

ପ୍ରତିଷ୍ଠାନ, ସରକାରୀ, ସମ୍ପାଦକୀୟ, ସଂସ୍କୃତି ଇତ୍ୟାଦି ଶବ୍ଦ ସଠିକ ଭାବେ ଲେଖିବା ଦରକାର। ମାତୃଭାଷା ପ୍ରତି ଭଲପାଇବା ଓ ସମ୍ମାନ ରହିଲେ ଭାଷା ସମୃଦ୍ଧ ହେବ।

ବିଦ୍ୟାଳୟ, କାଳିନ୍ଦୀଚରଣ, ଜାତୀୟତା, ଅପରାଧୀଙ୍କ, ଉପକରଣ, ମାନଚେତନା, ପ୍ରଣୀତ, ଦୃଷ୍ଟିଭଙ୍ଗୀ, ଶ୍ରେଷ୍ଠତ୍ୱ, ଅଭିନନ୍ଦନ, ଆଶୀର୍ବାଦ, ସମ୍ମାନ ଇତ୍ୟାଦି ଶବ୍ଦଗୁଡ଼ିକର ସଠିକ ବନାନ ଜାଣିବା ଆବଶ୍ୟକ। ବ୍ୟାକରଣର ନିୟମ ଅନୁସାରେ ସନ୍ଧି ଓ ସମାସର ପ୍ରୟୋଗ ଠିକ୍ ଭାବେ କରିବା ଦରକାର।

ଉପସର୍ଗ ଓ ପ୍ରତ୍ୟୟ ଯୋଗରେ ଶବ୍ଦ ଗଠନ ହୁଏ। ଣ ଓ ନ, ଶ, ଷ ଓ ସ ବ୍ୟବହାରରେ ଅଧିକ ଭୁଲ ହୋଇଥାଏ। ଏହାକୁ ଦୂର କରିବା ପାଇଁ ଅଭିଧାନର ସାହାଯ୍ୟ ନେବା ଉଚିତ। ନିୟମିତ ଅଭ୍ୟାସ ଦ୍ୱାରା ଶୁଦ୍ଧ ଲେଖନ ସମ୍ଭବ।

ପ୍ରତିଷ୍ଠାନ, ସରକାରୀ, ସମ୍ପାଦକୀୟ, ସଂସ୍କୃତି ଇତ୍ୟାଦି ଶବ୍ଦ ସଠିକ ଭାବେ ଲେଖିବା ଦରକାର। ମାତୃଭାଷା ପ୍ରତି ଭଲପାଇବା ଓ ସମ୍ମାନ ରହିଲେ ଭାଷା ସମୃଦ୍ଧ ହେବ।

"ମାତୃମୁଖୀ ମାତୃଭାଷାରେ ମମତା ଯା ମୁଁ କରେ ନାହିଁ, ତାହା ସଙ୍ଗେ କହିବା ପାଇଁ ମୋର କିଛି ନାହିଁ।"

ବିଦ୍ୟାଳୟ, କାଳିନ୍ଦୀଚରଣ, ଜାତୀୟତା, ଅପରାଧୀଙ୍କ, ଉପକରଣ, ମାନଚେତନା, ପ୍ରଣୀତ, ଦୃଷ୍ଟିଭଙ୍ଗୀ, ଶ୍ରେଷ୍ଠତ୍ୱ, ଅଭିନନ୍ଦନ, ଆଶୀର୍ବାଦ, ସମ୍ମାନ ଇତ୍ୟାଦି ଶବ୍ଦଗୁଡ଼ିକର ସଠିକ ବନାନ ଜାଣିବା ଆବଶ୍ୟକ। ବ୍ୟାକରଣର ନିୟମ ଅନୁସାରେ ସନ୍ଧି ଓ ସମାସର ପ୍ରୟୋଗ ଠିକ୍ ଭାବେ କରିବା ଦରକାର।

ହାଲିଆଲ, ବିରିଡ଼ିଲେ, କେନ୍ଦ୍ରାପଡ଼ା
